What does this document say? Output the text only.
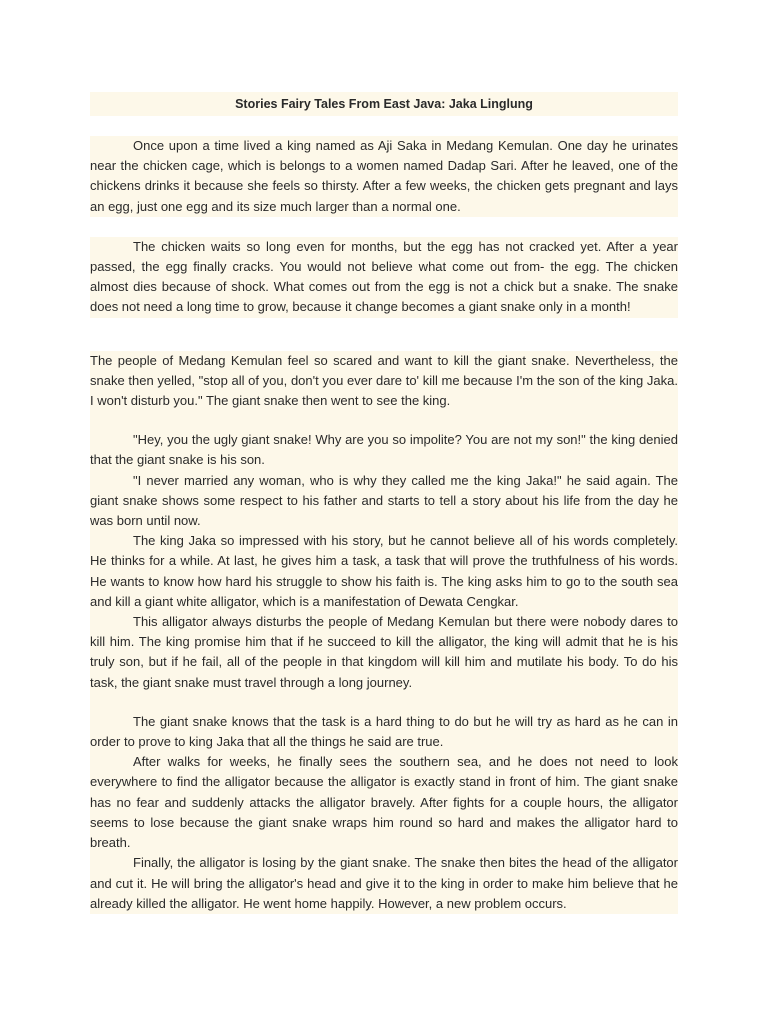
Stories Fairy Tales From East Java: Jaka Linglung

Once upon a time lived a king named as Aji Saka in Medang Kemulan. One day he urinates near the chicken cage, which is belongs to a women named Dadap Sari. After he leaved, one of the chickens drinks it because she feels so thirsty. After a few weeks, the chicken gets pregnant and lays an egg, just one egg and its size much larger than a normal one.

The chicken waits so long even for months, but the egg has not cracked yet. After a year passed, the egg finally cracks. You would not believe what come out from- the egg. The chicken almost dies because of shock. What comes out from the egg is not a chick but a snake. The snake does not need a long time to grow, because it change becomes a giant snake only in a month!

The people of Medang Kemulan feel so scared and want to kill the giant snake. Nevertheless, the snake then yelled, "stop all of you, don't you ever dare to' kill me because I'm the son of the king Jaka. I won't disturb you." The giant snake then went to see the king.

"Hey, you the ugly giant snake! Why are you so impolite? You are not my son!" the king denied that the giant snake is his son.

"I never married any woman, who is why they called me the king Jaka!" he said again. The giant snake shows some respect to his father and starts to tell a story about his life from the day he was born until now.

The king Jaka so impressed with his story, but he cannot believe all of his words completely. He thinks for a while. At last, he gives him a task, a task that will prove the truthfulness of his words. He wants to know how hard his struggle to show his faith is. The king asks him to go to the south sea and kill a giant white alligator, which is a manifestation of Dewata Cengkar.

This alligator always disturbs the people of Medang Kemulan but there were nobody dares to kill him. The king promise him that if he succeed to kill the alligator, the king will admit that he is his truly son, but if he fail, all of the people in that kingdom will kill him and mutilate his body. To do his task, the giant snake must travel through a long journey.

The giant snake knows that the task is a hard thing to do but he will try as hard as he can in order to prove to king Jaka that all the things he said are true.

After walks for weeks, he finally sees the southern sea, and he does not need to look everywhere to find the alligator because the alligator is exactly stand in front of him. The giant snake has no fear and suddenly attacks the alligator bravely. After fights for a couple hours, the alligator seems to lose because the giant snake wraps him round so hard and makes the alligator hard to breath.

Finally, the alligator is losing by the giant snake. The snake then bites the head of the alligator and cut it. He will bring the alligator's head and give it to the king in order to make him believe that he already killed the alligator. He went home happily. However, a new problem occurs.
